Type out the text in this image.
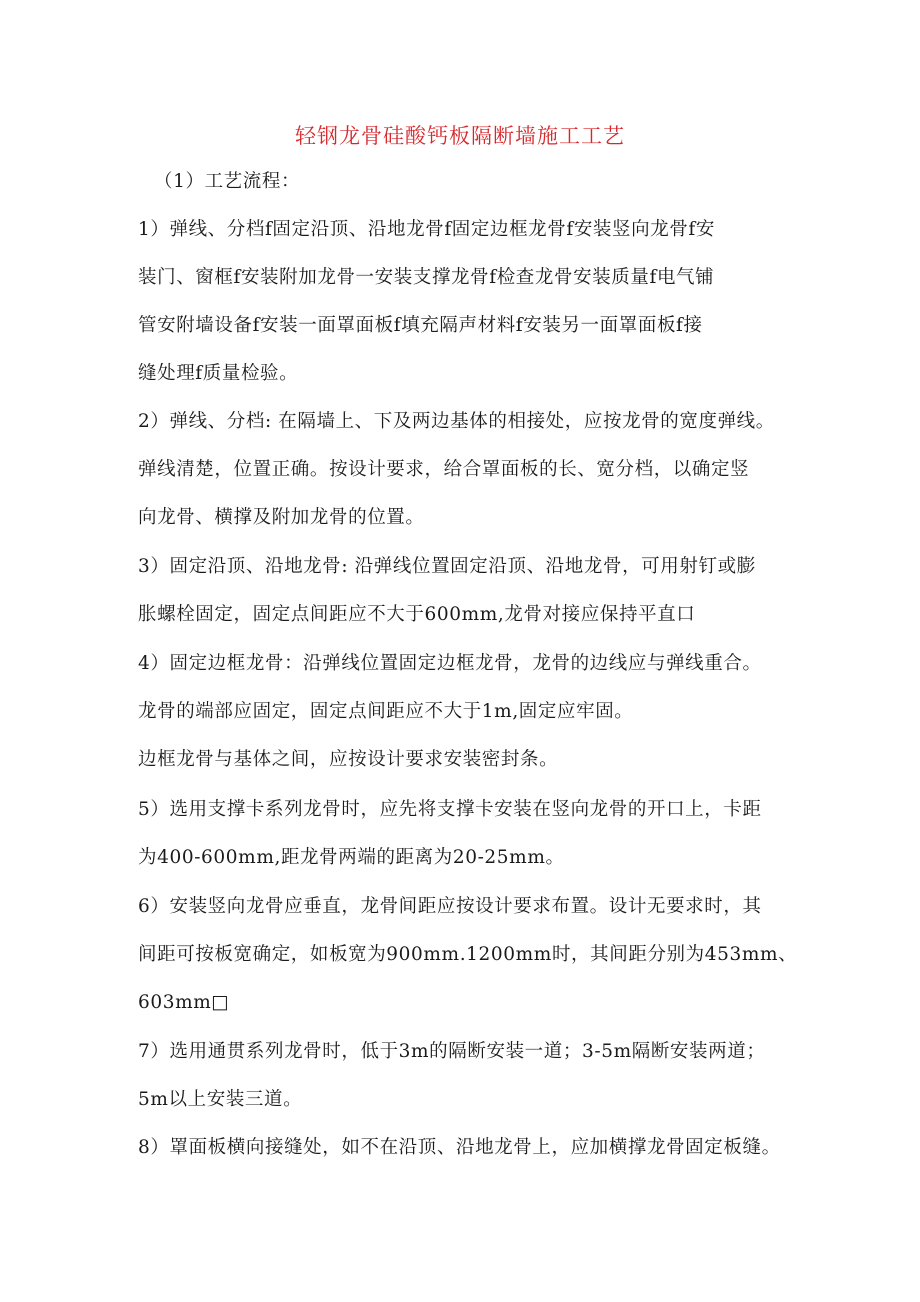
轻钢龙骨硅酸钙板隔断墙施工工艺
（1）工艺流程：
1）弹线、分档f固定沿顶、沿地龙骨f固定边框龙骨f安装竖向龙骨f安
装门、窗框f安装附加龙骨一安装支撑龙骨f检查龙骨安装质量f电气铺
管安附墙设备f安装一面罩面板f填充隔声材料f安装另一面罩面板f接
缝处理f质量检验。
2）弹线、分档: 在隔墙上、下及两边基体的相接处，应按龙骨的宽度弹线。
弹线清楚，位置正确。按设计要求，给合罩面板的长、宽分档，以确定竖
向龙骨、横撑及附加龙骨的位置。
3）固定沿顶、沿地龙骨: 沿弹线位置固定沿顶、沿地龙骨，可用射钉或膨
胀螺栓固定，固定点间距应不大于600mm,龙骨对接应保持平直口
4）固定边框龙骨：沿弹线位置固定边框龙骨，龙骨的边线应与弹线重合。
龙骨的端部应固定，固定点间距应不大于1m,固定应牢固。
边框龙骨与基体之间，应按设计要求安装密封条。
5）选用支撑卡系列龙骨时，应先将支撑卡安装在竖向龙骨的开口上，卡距
为400-600mm,距龙骨两端的距离为20-25mm。
6）安装竖向龙骨应垂直，龙骨间距应按设计要求布置。设计无要求时，其
间距可按板宽确定，如板宽为900mm.1200mm时，其间距分别为453mm、
603mm□
7）选用通贯系列龙骨时，低于3m的隔断安装一道；3-5m隔断安装两道；
5m以上安装三道。
8）罩面板横向接缝处，如不在沿顶、沿地龙骨上，应加横撑龙骨固定板缝。
